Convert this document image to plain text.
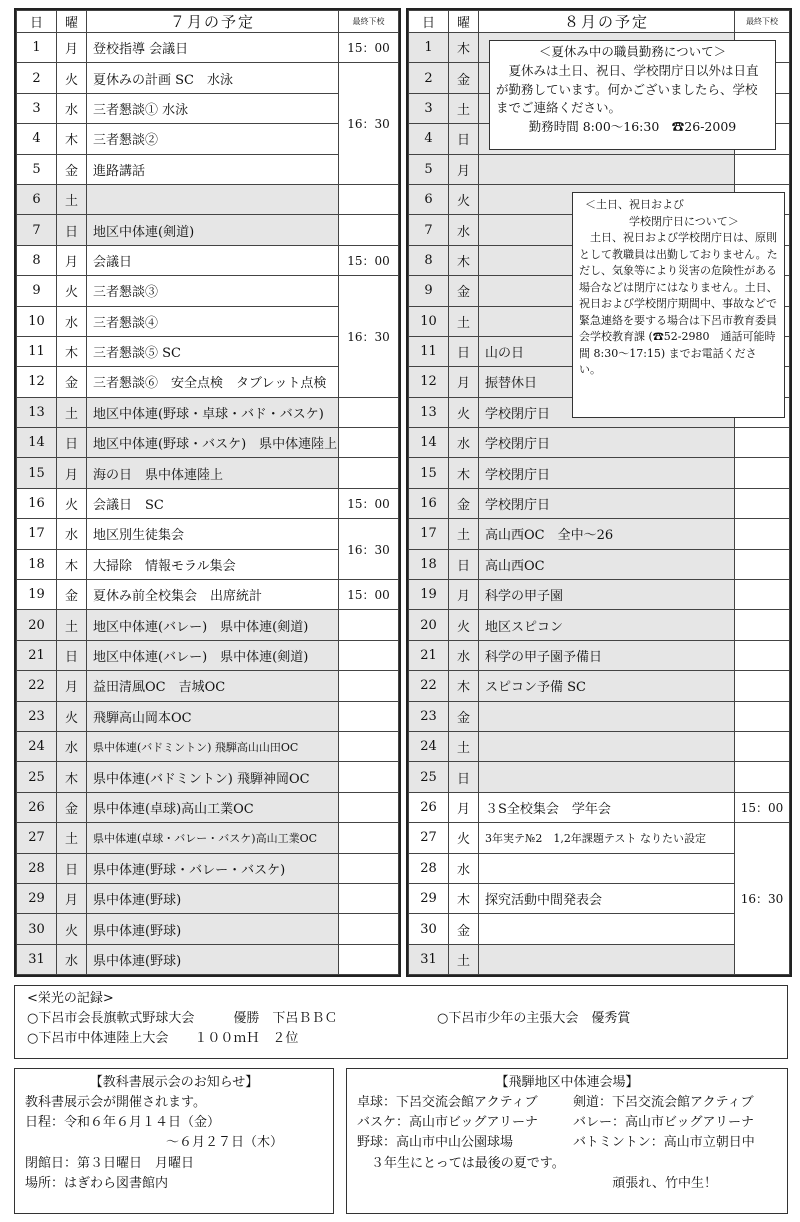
日	曜	７月の予定	最終下校
1	月	登校指導 会議日	15：00
2	火	夏休みの計画 SC　水泳	16：30
3	水	三者懇談① 水泳	
4	木	三者懇談②	
5	金	進路講話	
6	土		
7	日	地区中体連(剣道)	
8	月	会議日	15：00
9	火	三者懇談③	16：30
10	水	三者懇談④	
11	木	三者懇談⑤ SC	
12	金	三者懇談⑥　安全点検　タブレット点検	
13	土	地区中体連(野球・卓球・バド・バスケ)	
14	日	地区中体連(野球・バスケ)　県中体連陸上	
15	月	海の日　県中体連陸上	
16	火	会議日　SC	15：00
17	水	地区別生徒集会	16：30
18	木	大掃除　情報モラル集会	
19	金	夏休み前全校集会　出席統計	15：00
20	土	地区中体連(バレー)　県中体連(剣道)	
21	日	地区中体連(バレー)　県中体連(剣道)	
22	月	益田清風OC　吉城OC	
23	火	飛騨高山岡本OC	
24	水	県中体連(バドミントン) 飛騨高山山田OC	
25	木	県中体連(バドミントン) 飛騨神岡OC	
26	金	県中体連(卓球)高山工業OC	
27	土	県中体連(卓球・バレー・バスケ)高山工業OC	
28	日	県中体連(野球・バレー・バスケ)	
29	月	県中体連(野球)	
30	火	県中体連(野球)	
31	水	県中体連(野球)	
日	曜	８月の予定	最終下校
1	木		
2	金		
3	土		
4	日		
5	月		
6	火		
7	水		
8	木		
9	金		
10	土		
11	日	山の日	
12	月	振替休日	
13	火	学校閉庁日	
14	水	学校閉庁日	
15	木	学校閉庁日	
16	金	学校閉庁日	
17	土	高山西OC　全中～26	
18	日	高山西OC	
19	月	科学の甲子園	
20	火	地区スピコン	
21	水	科学の甲子園予備日	
22	木	スピコン予備 SC	
23	金		
24	土		
25	日		
26	月	３S全校集会　学年会	15：00
27	火	3年実テ№2　1,2年課題テスト なりたい設定	16：30
28	水		
29	木	探究活動中間発表会	
30	金		
31	土		
＜夏休み中の職員勤務について＞
夏休みは土日、祝日、学校閉庁日以外は日直が勤務しています。何かございましたら、学校までご連絡ください。
勤務時間 8:00～16:30　☎26-2009
＜土日、祝日および
学校閉庁日について＞
土日、祝日および学校閉庁日は、原則として教職員は出勤しておりません。ただし、気象等により災害の危険性がある場合などは閉庁にはなりません。土日、祝日および学校閉庁期間中、事故などで緊急連絡を要する場合は下呂市教育委員会学校教育課 (☎52-2980　通話可能時間 8:30～17:15) までお電話ください。
<栄光の記録>
○下呂市会長旗軟式野球大会　　　優勝　下呂ＢＢＣ	○下呂市少年の主張大会　優秀賞
○下呂市中体連陸上大会　　１００ｍＨ　２位
【教科書展示会のお知らせ】
教科書展示会が開催されます。
日程：令和６年６月１４日（金）
～６月２７日（木）
閉館日：第３日曜日　月曜日
場所：はぎわら図書館内
【飛騨地区中体連会場】
卓球：下呂交流会館アクティブ	剣道：下呂交流会館アクティブ
バスケ：高山市ビッグアリーナ	バレー：高山市ビッグアリーナ
野球：高山市中山公園球場	バトミントン：高山市立朝日中
３年生にとっては最後の夏です。
頑張れ、竹中生！
